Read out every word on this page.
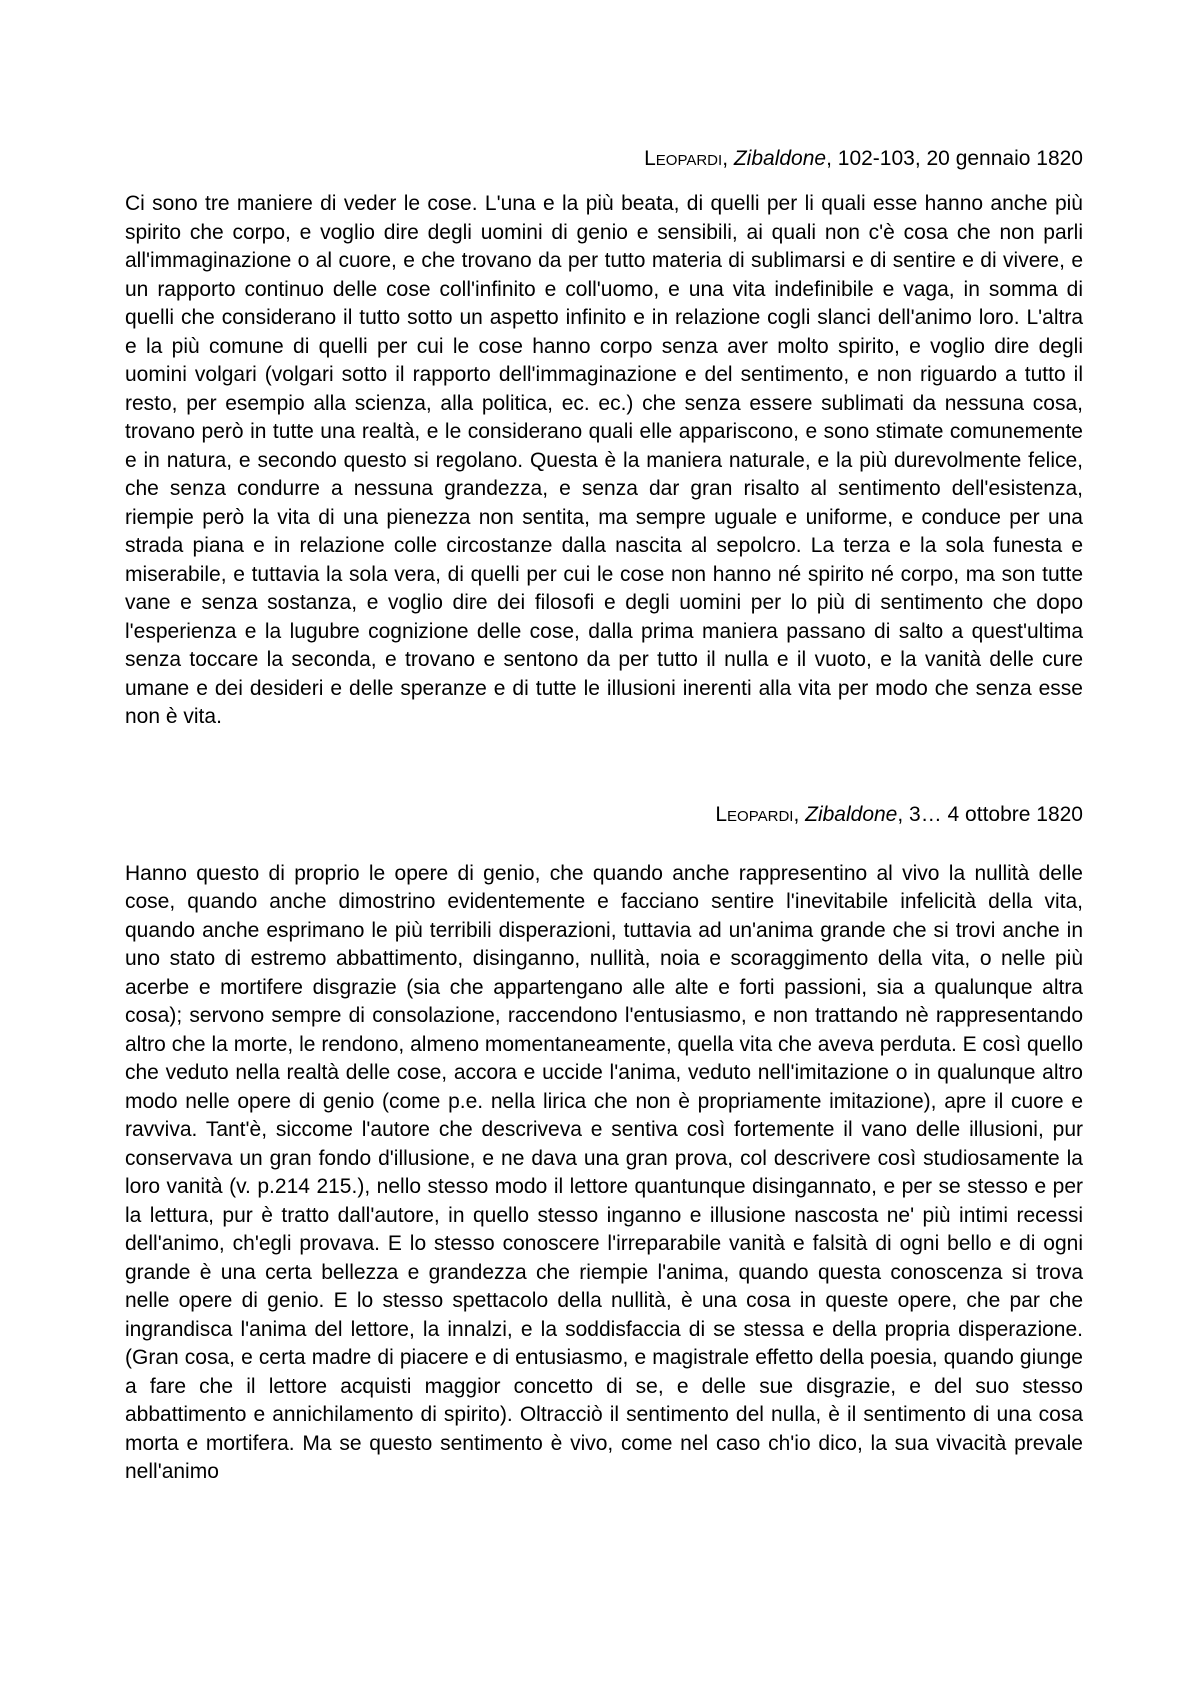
Leopardi, Zibaldone, 102-103, 20 gennaio 1820

Ci sono tre maniere di veder le cose. L'una e la più beata, di quelli per li quali esse hanno anche più spirito che corpo, e voglio dire degli uomini di genio e sensibili, ai quali non c'è cosa che non parli all'immaginazione o al cuore, e che trovano da per tutto materia di sublimarsi e di sentire e di vivere, e un rapporto continuo delle cose coll'infinito e coll'uomo, e una vita indefinibile e vaga, in somma di quelli che considerano il tutto sotto un aspetto infinito e in relazione cogli slanci dell'animo loro. L'altra e la più comune di quelli per cui le cose hanno corpo senza aver molto spirito, e voglio dire degli uomini volgari (volgari sotto il rapporto dell'immaginazione e del sentimento, e non riguardo a tutto il resto, per esempio alla scienza, alla politica, ec. ec.) che senza essere sublimati da nessuna cosa, trovano però in tutte una realtà, e le considerano quali elle appariscono, e sono stimate comunemente e in natura, e secondo questo si regolano. Questa è la maniera naturale, e la più durevolmente felice, che senza condurre a nessuna grandezza, e senza dar gran risalto al sentimento dell'esistenza, riempie però la vita di una pienezza non sentita, ma sempre uguale e uniforme, e conduce per una strada piana e in relazione colle circostanze dalla nascita al sepolcro. La terza e la sola funesta e miserabile, e tuttavia la sola vera, di quelli per cui le cose non hanno né spirito né corpo, ma son tutte vane e senza sostanza, e voglio dire dei filosofi e degli uomini per lo più di sentimento che dopo l'esperienza e la lugubre cognizione delle cose, dalla prima maniera passano di salto a quest'ultima senza toccare la seconda, e trovano e sentono da per tutto il nulla e il vuoto, e la vanità delle cure umane e dei desideri e delle speranze e di tutte le illusioni inerenti alla vita per modo che senza esse non è vita.

Leopardi, Zibaldone, 3… 4 ottobre 1820

Hanno questo di proprio le opere di genio, che quando anche rappresentino al vivo la nullità delle cose, quando anche dimostrino evidentemente e facciano sentire l'inevitabile infelicità della vita, quando anche esprimano le più terribili disperazioni, tuttavia ad un'anima grande che si trovi anche in uno stato di estremo abbattimento, disinganno, nullità, noia e scoraggimento della vita, o nelle più acerbe e mortifere disgrazie (sia che appartengano alle alte e forti passioni, sia a qualunque altra cosa); servono sempre di consolazione, raccendono l'entusiasmo, e non trattando nè rappresentando altro che la morte, le rendono, almeno momentaneamente, quella vita che aveva perduta. E così quello che veduto nella realtà delle cose, accora e uccide l'anima, veduto nell'imitazione o in qualunque altro modo nelle opere di genio (come p.e. nella lirica che non è propriamente imitazione), apre il cuore e ravviva. Tant'è, siccome l'autore che descriveva e sentiva così fortemente il vano delle illusioni, pur conservava un gran fondo d'illusione, e ne dava una gran prova, col descrivere così studiosamente la loro vanità (v. p.214 215.), nello stesso modo il lettore quantunque disingannato, e per se stesso e per la lettura, pur è tratto dall'autore, in quello stesso inganno e illusione nascosta ne' più intimi recessi dell'animo, ch'egli provava. E lo stesso conoscere l'irreparabile vanità e falsità di ogni bello e di ogni grande è una certa bellezza e grandezza che riempie l'anima, quando questa conoscenza si trova nelle opere di genio. E lo stesso spettacolo della nullità, è una cosa in queste opere, che par che ingrandisca l'anima del lettore, la innalzi, e la soddisfaccia di se stessa e della propria disperazione. (Gran cosa, e certa madre di piacere e di entusiasmo, e magistrale effetto della poesia, quando giunge a fare che il lettore acquisti maggior concetto di se, e delle sue disgrazie, e del suo stesso abbattimento e annichilamento di spirito). Oltracciò il sentimento del nulla, è il sentimento di una cosa morta e mortifera. Ma se questo sentimento è vivo, come nel caso ch'io dico, la sua vivacità prevale nell'animo
